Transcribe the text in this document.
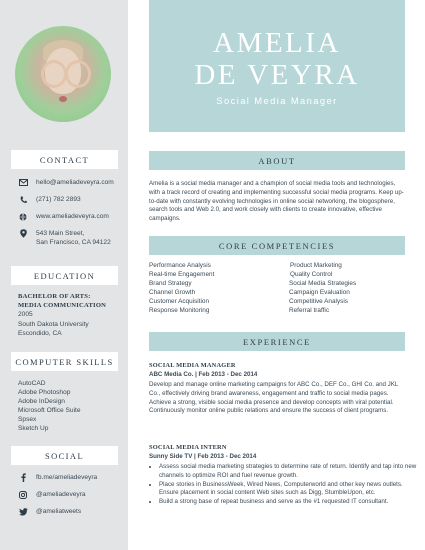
CONTACT
hello@ameliadeveyra.com
(271) 782 2893
www.ameliadeveyra.com
543 Main Street,
San Francisco, CA 94122
EDUCATION
BACHELOR OF ARTS:
MEDIA COMMUNICATION
2005
South Dakota University
Escondido, CA
COMPUTER SKILLS
AutoCAD
Adobe Photoshop
Adobe InDesign
Microsoft Office Suite
Spsex
Sketch Up
SOCIAL
fb.me/ameliadeveyra
@ameliadeveyra
@ameliatweets
AMELIA
DE VEYRA
Social Media Manager
ABOUT
Amelia is a social media manager and a champion of social media tools and technologies, with a track record of creating and implementing successful social media programs. Keep up-to-date with constantly evolving technologies in online social networking, the blogosphere, search tools and Web 2.0, and work closely with clients to create innovative, effective campaigns.
CORE COMPETENCIES
Performance Analysis
Real-time Engagement
Brand Strategy
Channel Growth
Customer Acquisition
Response Monitoring
Product Marketing
Quality Control
Social Media Strategies
Campaign Evaluation
Competitive Analysis
Referral traffic
EXPERIENCE
SOCIAL MEDIA MANAGER
ABC Media Co. | Feb 2013 - Dec 2014
Develop and manage online marketing campaigns for ABC Co., DEF Co., GHI Co. and JKL Co., effectively driving brand awareness, engagement and traffic to social media pages.
Achieve a strong, visible social media presence and develop concepts with viral potential. Continuously monitor online public relations and ensure the success of client programs.
SOCIAL MEDIA INTERN
Sunny Side TV | Feb 2013 - Dec 2014
• Assess social media marketing strategies to determine rate of return. Identify and tap into new channels to optimize ROI and fuel revenue growth.
• Place stories in BusinessWeek, Wired News, Computerworld and other key news outlets. Ensure placement in social content Web sites such as Digg, StumbleUpon, etc.
• Build a strong base of repeat business and serve as the #1 requested IT consultant.
